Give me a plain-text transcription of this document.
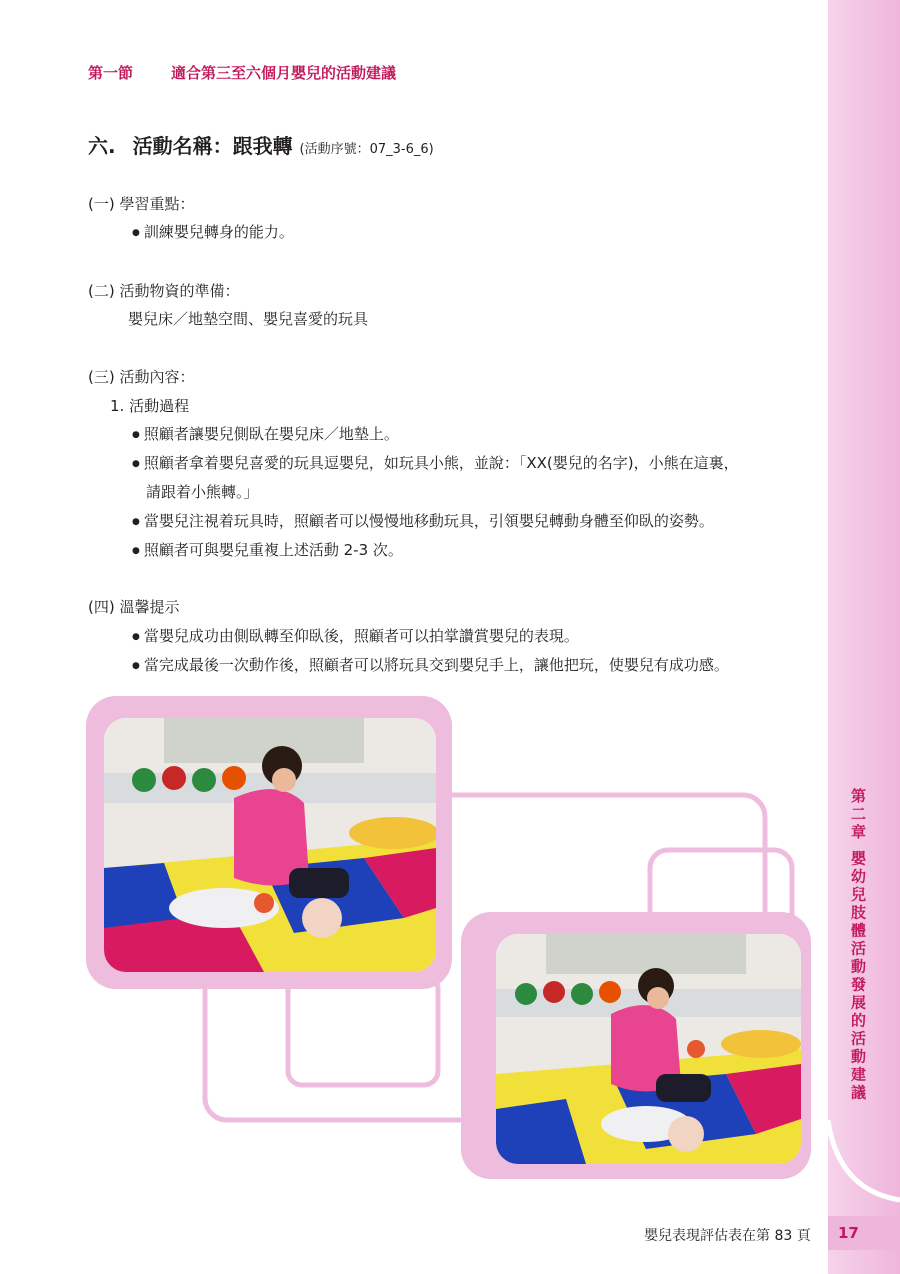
第一節	適合第三至六個月嬰兒的活動建議
六. 活動名稱：跟我轉 (活動序號：07_3-6_6)
(一) 學習重點：
● 訓練嬰兒轉身的能力。
(二) 活動物資的準備：
嬰兒床／地墊空間、嬰兒喜愛的玩具
(三) 活動內容：
1. 活動過程
● 照顧者讓嬰兒側臥在嬰兒床／地墊上。
● 照顧者拿着嬰兒喜愛的玩具逗嬰兒，如玩具小熊，並說：「XX(嬰兒的名字)，小熊在這裏，
請跟着小熊轉。」
● 當嬰兒注視着玩具時，照顧者可以慢慢地移動玩具，引領嬰兒轉動身體至仰臥的姿勢。
● 照顧者可與嬰兒重複上述活動 2-3 次。
(四) 溫馨提示
● 當嬰兒成功由側臥轉至仰臥後，照顧者可以拍掌讚賞嬰兒的表現。
● 當完成最後一次動作後，照顧者可以將玩具交到嬰兒手上，讓他把玩，使嬰兒有成功感。
第二章 嬰幼兒肢體活動發展的活動建議
嬰兒表現評估表在第 83 頁 17
